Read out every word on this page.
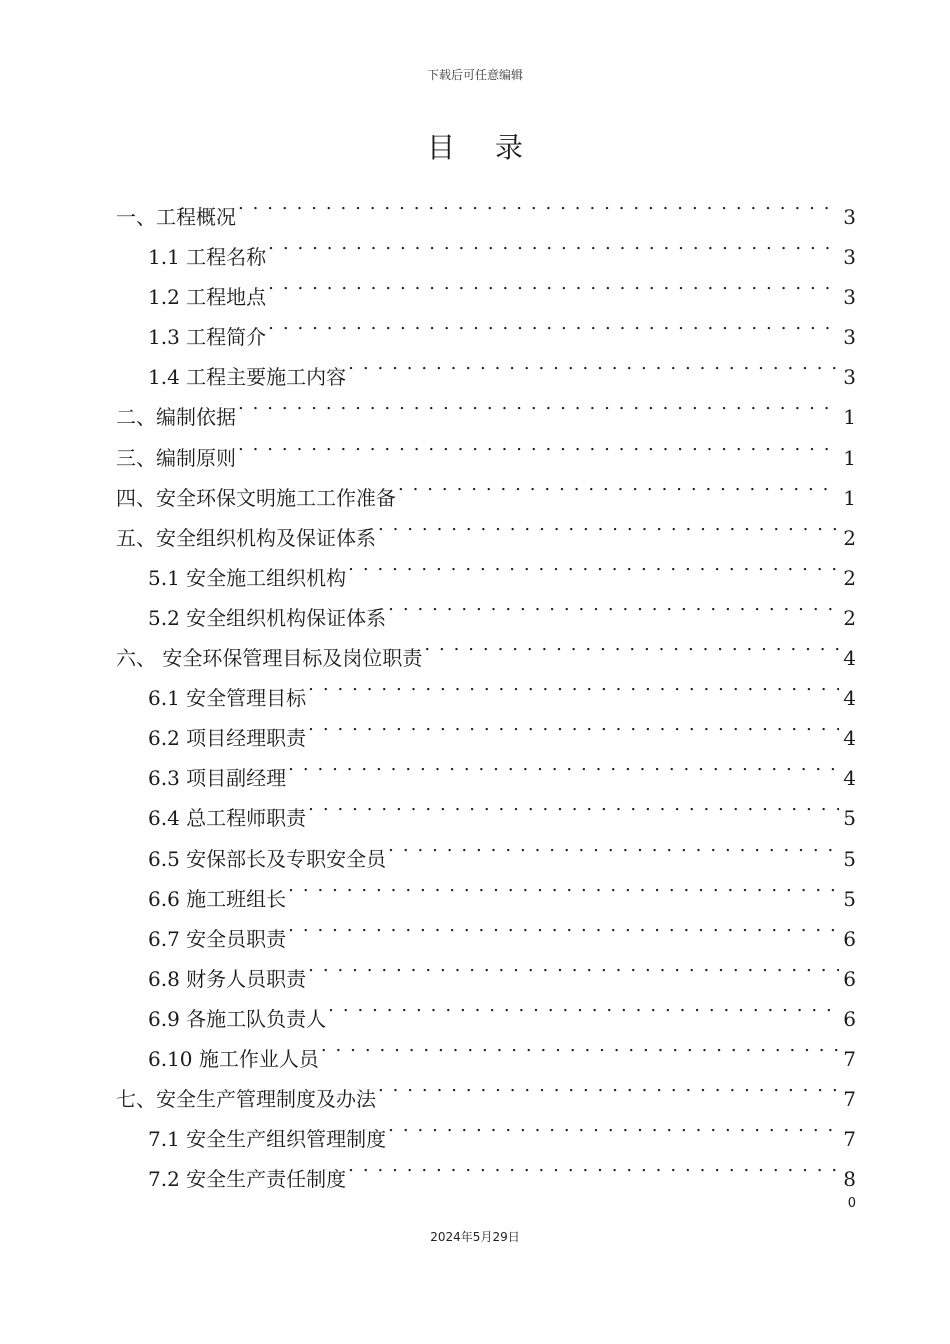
下载后可任意编辑
目录
一、工程概况 . . .	3
1.1 工程名称 . . .	3
1.2 工程地点 . . .	3
1.3 工程简介 . . .	3
1.4 工程主要施工内容 . . .	3
二、编制依据 . . .	1
三、编制原则 . . .	1
四、安全环保文明施工工作准备 . . .	1
五、安全组织机构及保证体系 . . .	2
5.1 安全施工组织机构 . . .	2
5.2 安全组织机构保证体系 . . .	2
六、 安全环保管理目标及岗位职责 . . .	4
6.1 安全管理目标 . . .	4
6.2 项目经理职责 . . .	4
6.3 项目副经理 . . .	4
6.4 总工程师职责 . . .	5
6.5 安保部长及专职安全员 . . .	5
6.6 施工班组长 . . .	5
6.7 安全员职责 . . .	6
6.8 财务人员职责 . . .	6
6.9 各施工队负责人 . . .	6
6.10 施工作业人员 . . .	7
七、安全生产管理制度及办法 . . .	7
7.1 安全生产组织管理制度 . . .	7
7.2 安全生产责任制度 . . .	8
0
2024年5月29日
